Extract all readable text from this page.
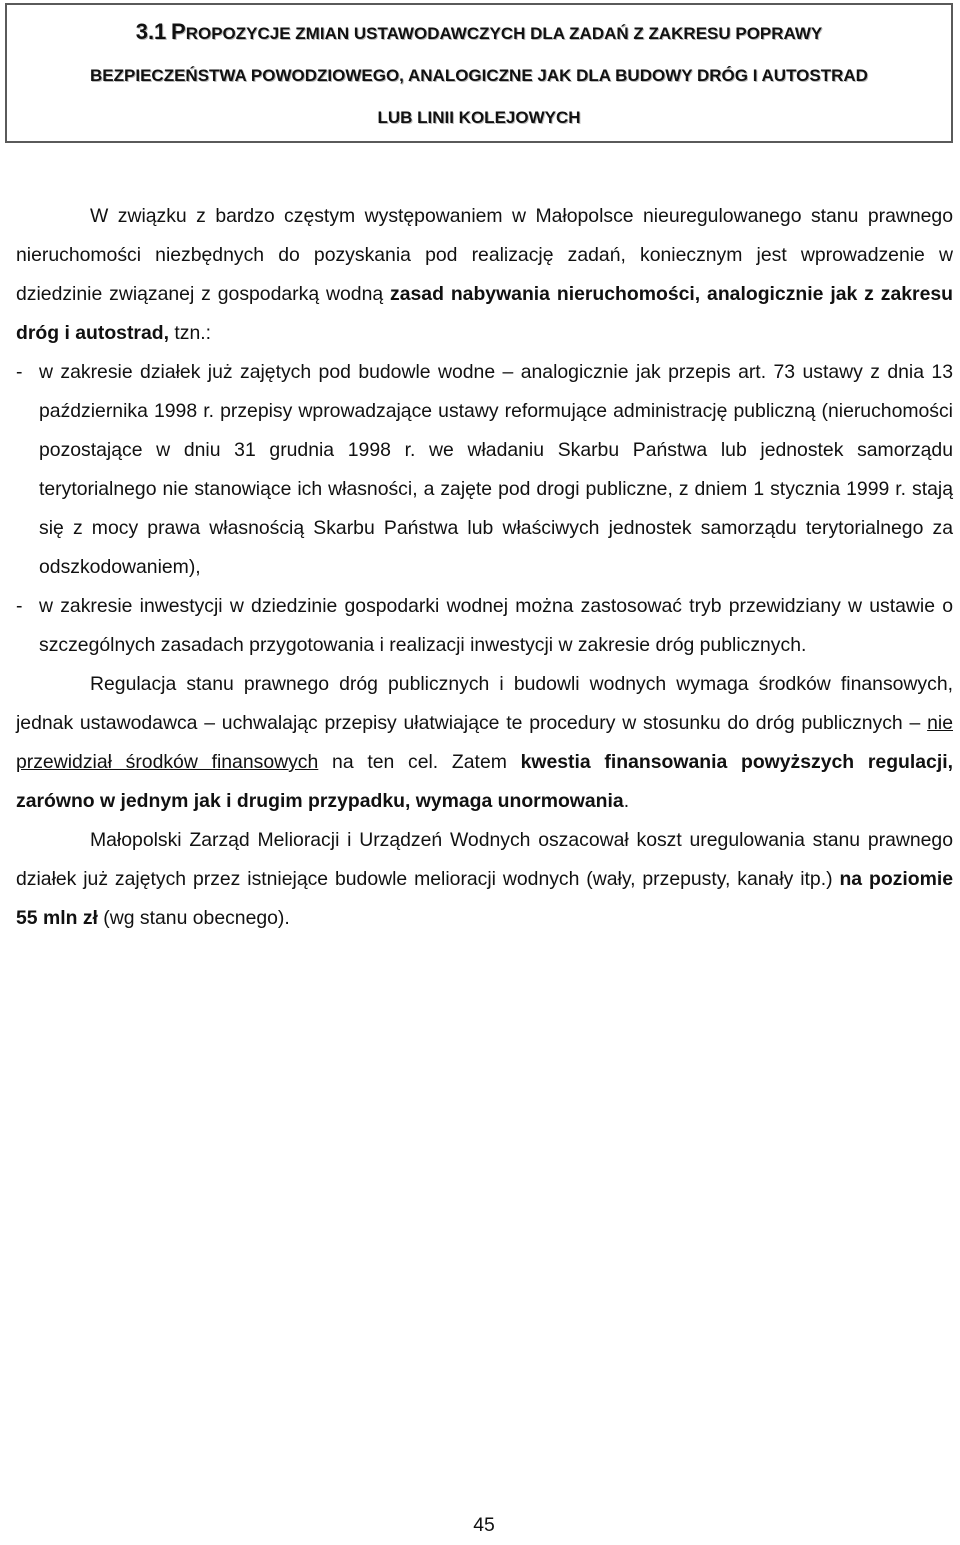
3.1 PROPOZYCJE ZMIAN USTAWODAWCZYCH DLA ZADAŃ Z ZAKRESU POPRAWY
BEZPIECZEŃSTWA POWODZIOWEGO, ANALOGICZNE JAK DLA BUDOWY DRÓG I AUTOSTRAD
LUB LINII KOLEJOWYCH

W związku z bardzo częstym występowaniem w Małopolsce nieuregulowanego stanu prawnego nieruchomości niezbędnych do pozyskania pod realizację zadań, koniecznym jest wprowadzenie w dziedzinie związanej z gospodarką wodną zasad nabywania nieruchomości, analogicznie jak z zakresu dróg i autostrad, tzn.:

- w zakresie działek już zajętych pod budowle wodne – analogicznie jak przepis art. 73 ustawy z dnia 13 października 1998 r. przepisy wprowadzające ustawy reformujące administrację publiczną (nieruchomości pozostające w dniu 31 grudnia 1998 r. we władaniu Skarbu Państwa lub jednostek samorządu terytorialnego nie stanowiące ich własności, a zajęte pod drogi publiczne, z dniem 1 stycznia 1999 r. stają się z mocy prawa własnością Skarbu Państwa lub właściwych jednostek samorządu terytorialnego za odszkodowaniem),
- w zakresie inwestycji w dziedzinie gospodarki wodnej można zastosować tryb przewidziany w ustawie o szczególnych zasadach przygotowania i realizacji inwestycji w zakresie dróg publicznych.

Regulacja stanu prawnego dróg publicznych i budowli wodnych wymaga środków finansowych, jednak ustawodawca – uchwalając przepisy ułatwiające te procedury w stosunku do dróg publicznych – nie przewidział środków finansowych na ten cel. Zatem kwestia finansowania powyższych regulacji, zarówno w jednym jak i drugim przypadku, wymaga unormowania.

Małopolski Zarząd Melioracji i Urządzeń Wodnych oszacował koszt uregulowania stanu prawnego działek już zajętych przez istniejące budowle melioracji wodnych (wały, przepusty, kanały itp.) na poziomie 55 mln zł (wg stanu obecnego).

45
